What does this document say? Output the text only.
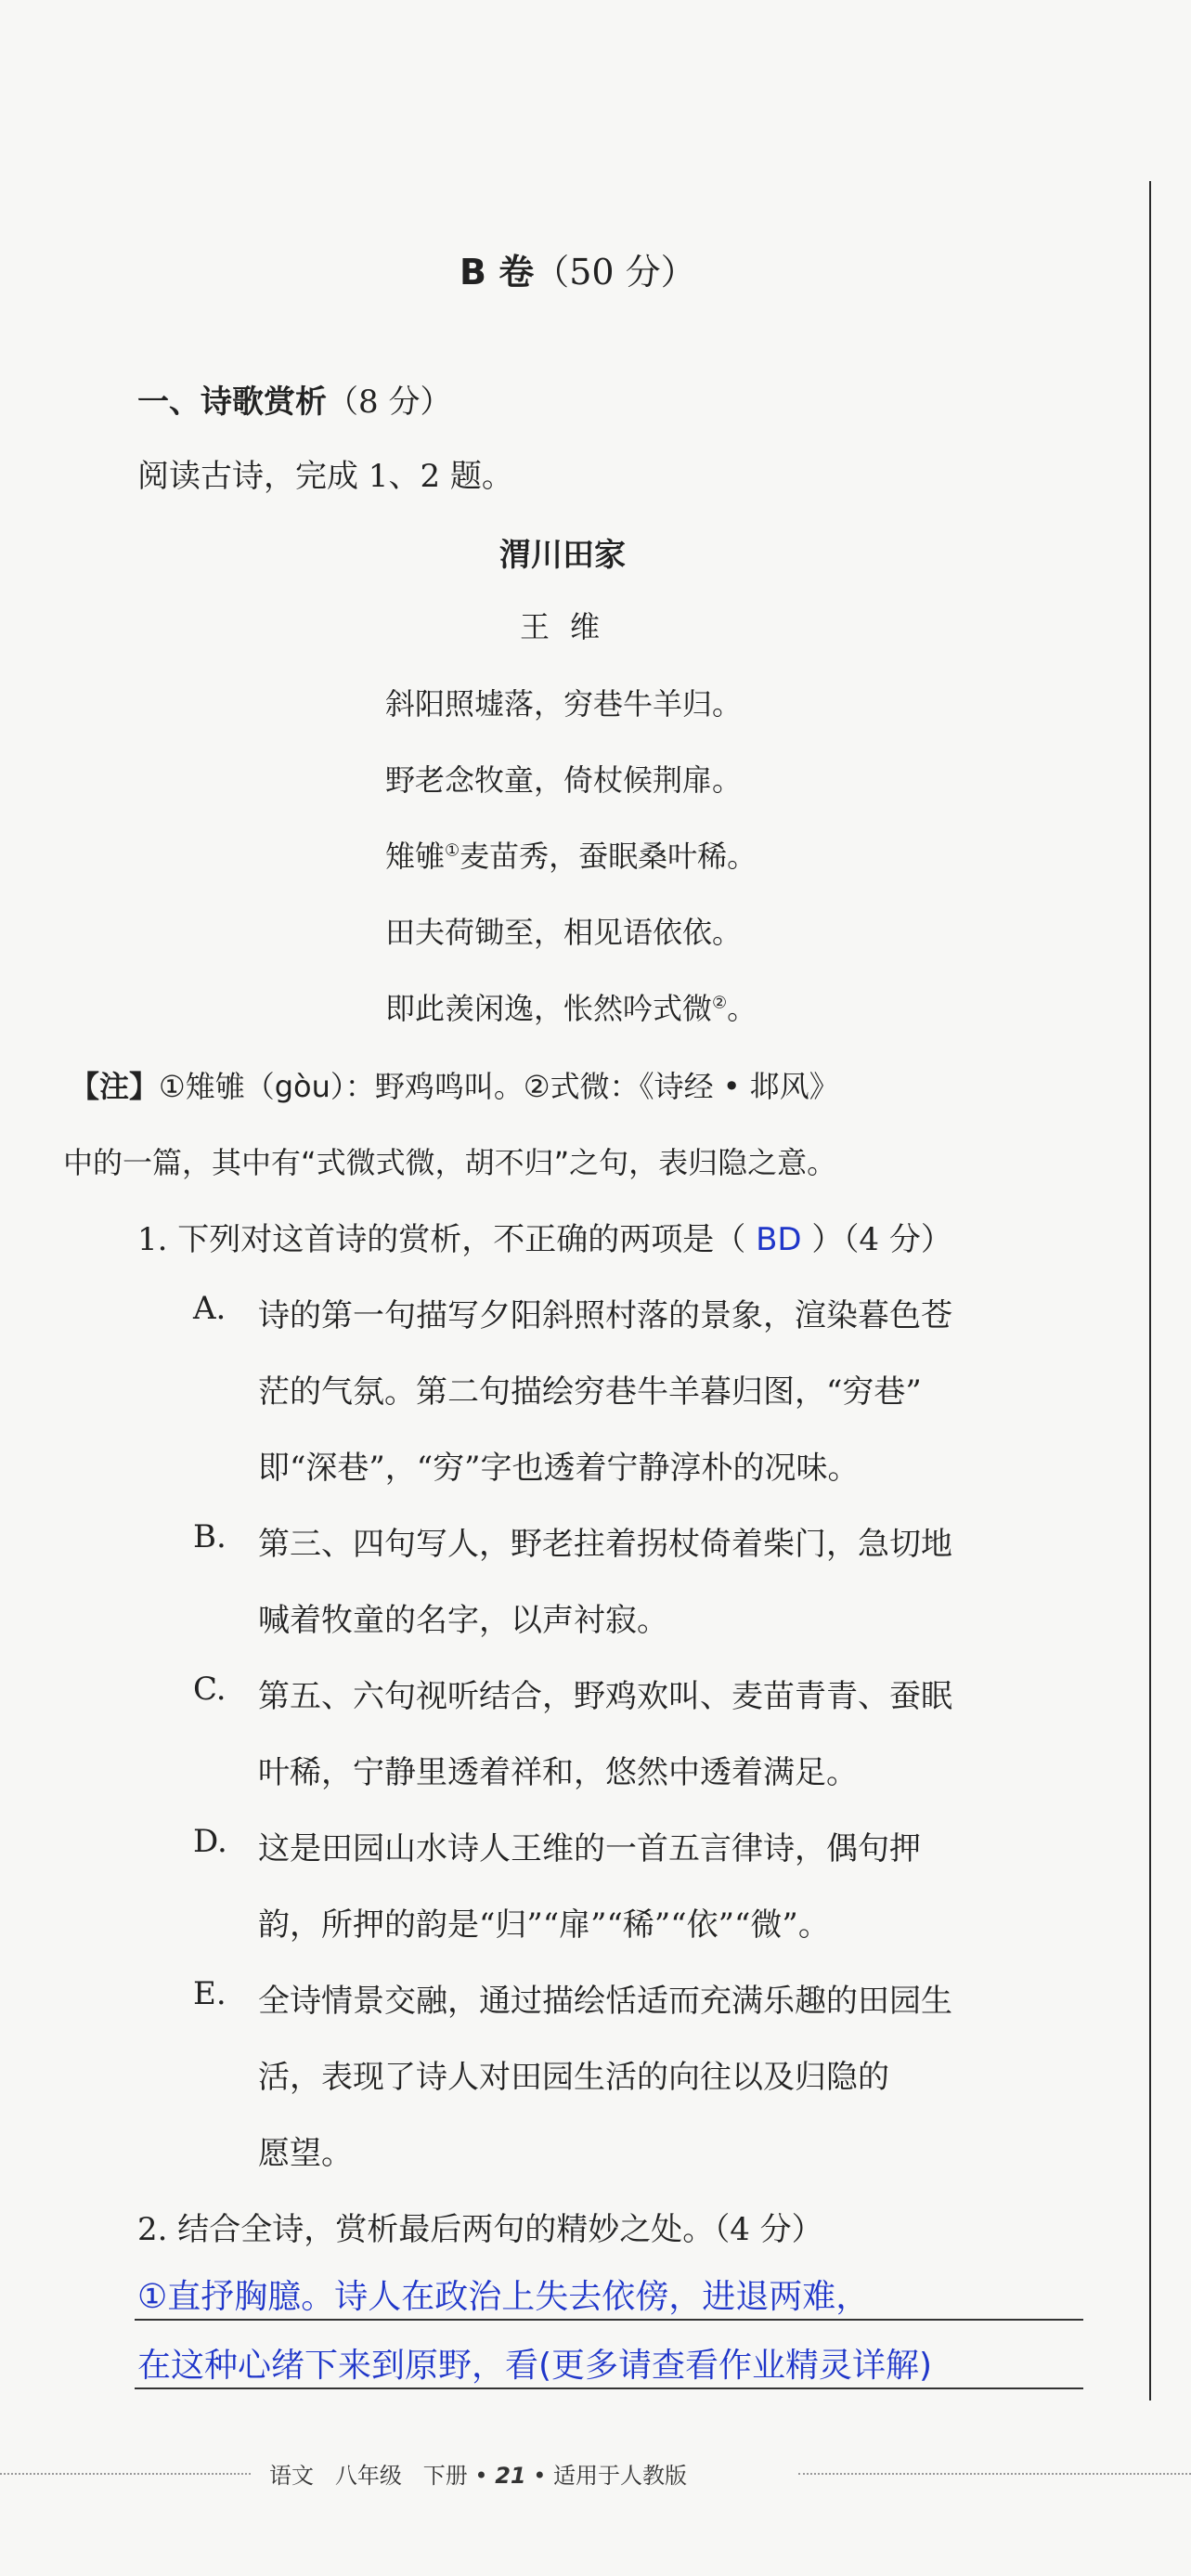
B 卷（50 分）
一、诗歌赏析（8 分）
阅读古诗，完成 1、2 题。
渭川田家
王维
斜阳照墟落，穷巷牛羊归。
野老念牧童，倚杖候荆扉。
雉雊①麦苗秀，蚕眠桑叶稀。
田夫荷锄至，相见语依依。
即此羡闲逸，怅然吟式微②。
【注】①雉雊（gòu）：野鸡鸣叫。②式微：《诗经 • 邶风》
中的一篇，其中有“式微式微，胡不归”之句，表归隐之意。
1. 下列对这首诗的赏析，不正确的两项是（ BD ）（4 分）
A. 诗的第一句描写夕阳斜照村落的景象，渲染暮色苍
茫的气氛。第二句描绘穷巷牛羊暮归图，“穷巷”
即“深巷”，“穷”字也透着宁静淳朴的况味。
B. 第三、四句写人，野老拄着拐杖倚着柴门，急切地
喊着牧童的名字，以声衬寂。
C. 第五、六句视听结合，野鸡欢叫、麦苗青青、蚕眠
叶稀，宁静里透着祥和，悠然中透着满足。
D. 这是田园山水诗人王维的一首五言律诗，偶句押
韵，所押的韵是“归”“扉”“稀”“依”“微”。
E. 全诗情景交融，通过描绘恬适而充满乐趣的田园生
活，表现了诗人对田园生活的向往以及归隐的
愿望。
2. 结合全诗，赏析最后两句的精妙之处。（4 分）
①直抒胸臆。诗人在政治上失去依傍，进退两难，
在这种心绪下来到原野，看(更多请查看作业精灵详解)
语文 八年级 下册 • 21 • 适用于人教版
